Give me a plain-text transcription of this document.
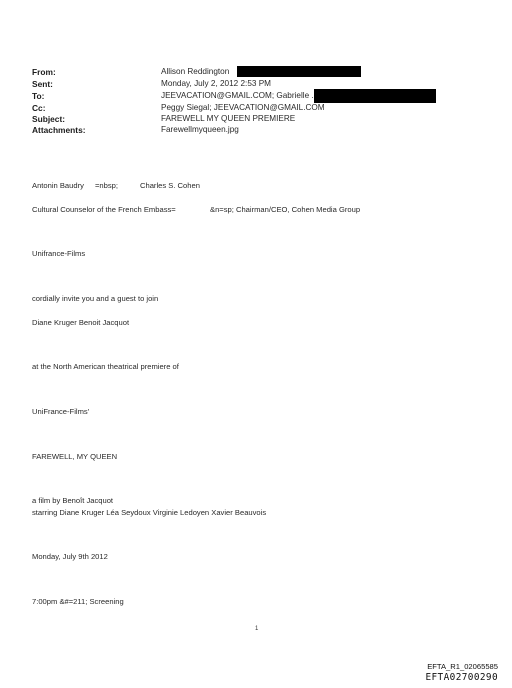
From:	Allison Reddington
Sent:	Monday, July 2, 2012 2:53 PM
To:	JEEVACATION@GMAIL.COM; Gabrielle .
Cc:	Peggy Siegal; JEEVACATION@GMAIL.COM
Subject:	FAREWELL MY QUEEN PREMIERE
Attachments:	Farewellmyqueen.jpg
Antonin Baudry =nbsp;	Charles S. Cohen
Cultural Counselor of the French Embass=	&n=sp; Chairman/CEO, Cohen Media Group
Unifrance-Films
cordially invite you and a guest to join
Diane Kruger Benoit Jacquot
at the North American theatrical premiere of
UniFrance-Films'
FAREWELL, MY QUEEN
a film by Benoît Jacquot
starring Diane Kruger Léa Seydoux Virginie Ledoyen Xavier Beauvois
Monday, July 9th 2012
7:00pm &#=211; Screening
1
EFTA_R1_02065585
EFTA02700290
